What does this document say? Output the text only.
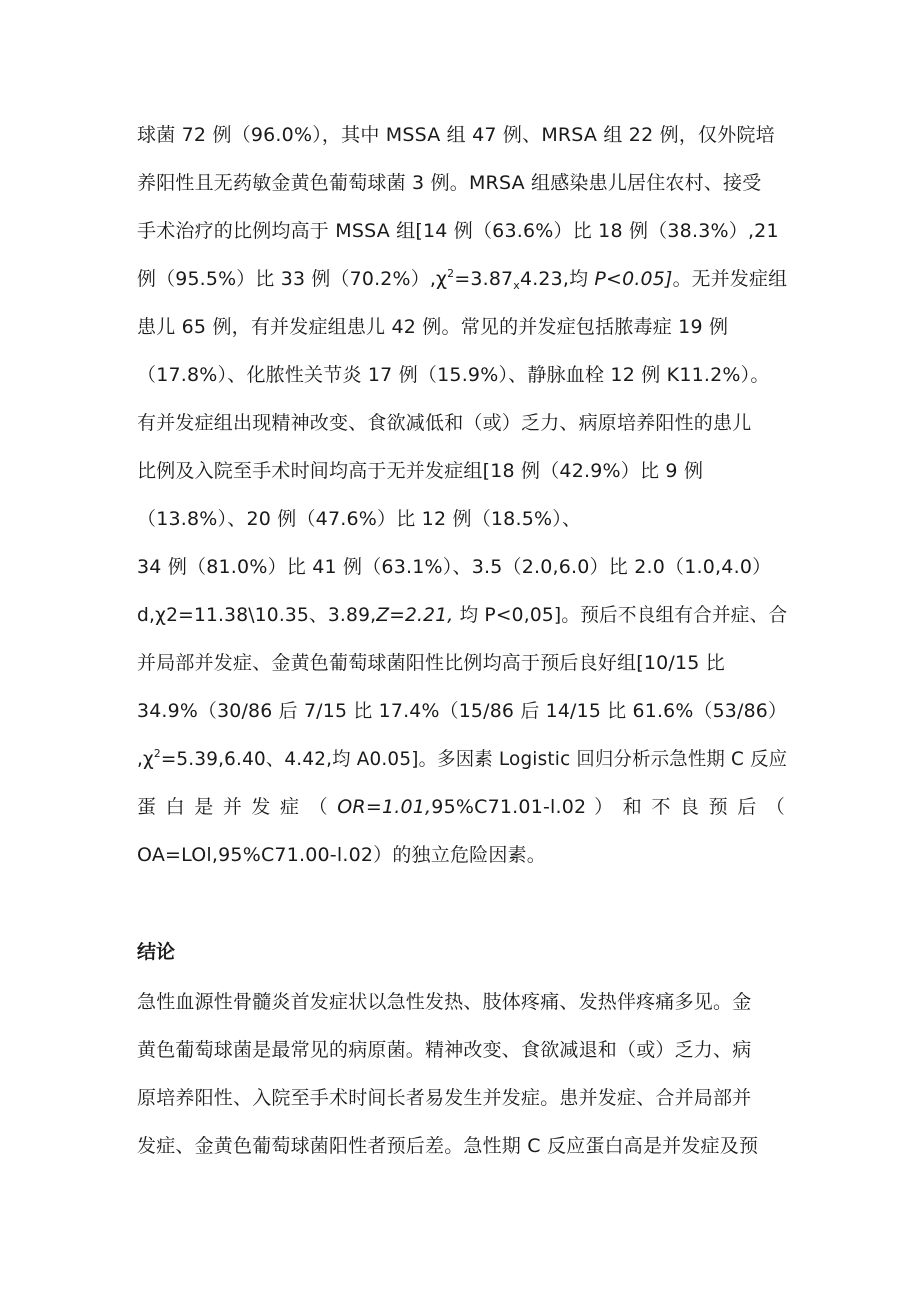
球菌 72 例（96.0%），其中 MSSA 组 47 例、MRSA 组 22 例，仅外院培
养阳性且无药敏金黄色葡萄球菌 3 例。MRSA 组感染患儿居住农村、接受
手术治疗的比例均高于 MSSA 组[14 例（63.6%）比 18 例（38.3%）,21
例（95.5%）比 33 例$(70.2\%),\chi^2=3.87_x4.23$,均 P<0.05]。无并发症组
患儿 65 例，有并发症组患儿 42 例。常见的并发症包括脓毒症 19 例
（17.8%）、化脓性关节炎 17 例（15.9%）、静脉血栓 12 例 K11.2%）。
有并发症组出现精神改变、食欲减低和（或）乏力、病原培养阳性的患儿
比例及入院至手术时间均高于无并发症组[18 例（42.9%）比 9 例
（13.8%）、20 例（47.6%）比 12 例（18.5%）、
34 例（81.0%）比 41 例（63.1%）、3.5（2.0,6.0）比 2.0（1.0,4.0）
d,χ2=11.38\10.35、3.89,Z=2.21, 均 P<0,05]。预后不良组有合并症、合
并局部并发症、金黄色葡萄球菌阳性比例均高于预后良好组[10/15 比
34.9%（30/86 后 7/15 比 17.4%（15/86 后 14/15 比 61.6%（53/86）
$,\chi^2=5.39,6.40$、4.42,均 A0.05]。多因素 Logistic 回归分析示急性期 C 反应
蛋 白 是 并 发 症 （ OR=1.01,95%C71.01-l.02 ） 和 不 良 预 后 （
OA=LOl,95%C71.00-l.02）的独立危险因素。
结论
急性血源性骨髓炎首发症状以急性发热、肢体疼痛、发热伴疼痛多见。金
黄色葡萄球菌是最常见的病原菌。精神改变、食欲减退和（或）乏力、病
原培养阳性、入院至手术时间长者易发生并发症。患并发症、合并局部并
发症、金黄色葡萄球菌阳性者预后差。急性期 C 反应蛋白高是并发症及预
